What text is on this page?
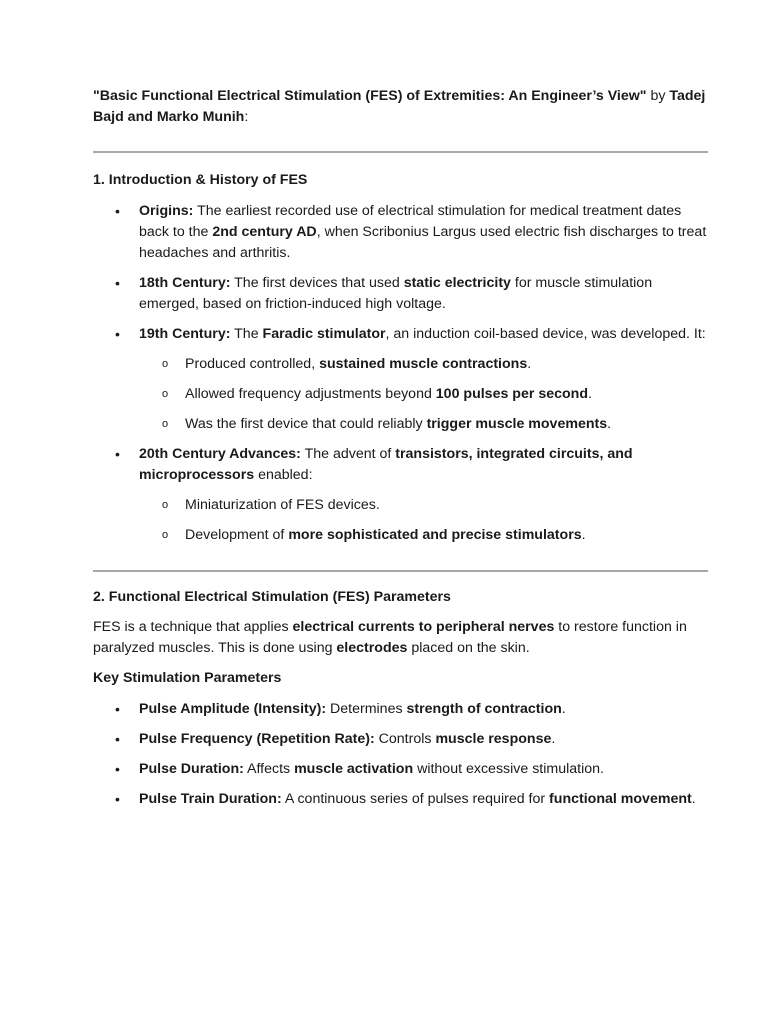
"Basic Functional Electrical Stimulation (FES) of Extremities: An Engineer’s View" by Tadej Bajd and Marko Munih:

1. Introduction & History of FES

• Origins: The earliest recorded use of electrical stimulation for medical treatment dates back to the 2nd century AD, when Scribonius Largus used electric fish discharges to treat headaches and arthritis.
• 18th Century: The first devices that used static electricity for muscle stimulation emerged, based on friction-induced high voltage.
• 19th Century: The Faradic stimulator, an induction coil-based device, was developed. It:
o Produced controlled, sustained muscle contractions.
o Allowed frequency adjustments beyond 100 pulses per second.
o Was the first device that could reliably trigger muscle movements.
• 20th Century Advances: The advent of transistors, integrated circuits, and microprocessors enabled:
o Miniaturization of FES devices.
o Development of more sophisticated and precise stimulators.

2. Functional Electrical Stimulation (FES) Parameters

FES is a technique that applies electrical currents to peripheral nerves to restore function in paralyzed muscles. This is done using electrodes placed on the skin.

Key Stimulation Parameters

• Pulse Amplitude (Intensity): Determines strength of contraction.
• Pulse Frequency (Repetition Rate): Controls muscle response.
• Pulse Duration: Affects muscle activation without excessive stimulation.
• Pulse Train Duration: A continuous series of pulses required for functional movement.
